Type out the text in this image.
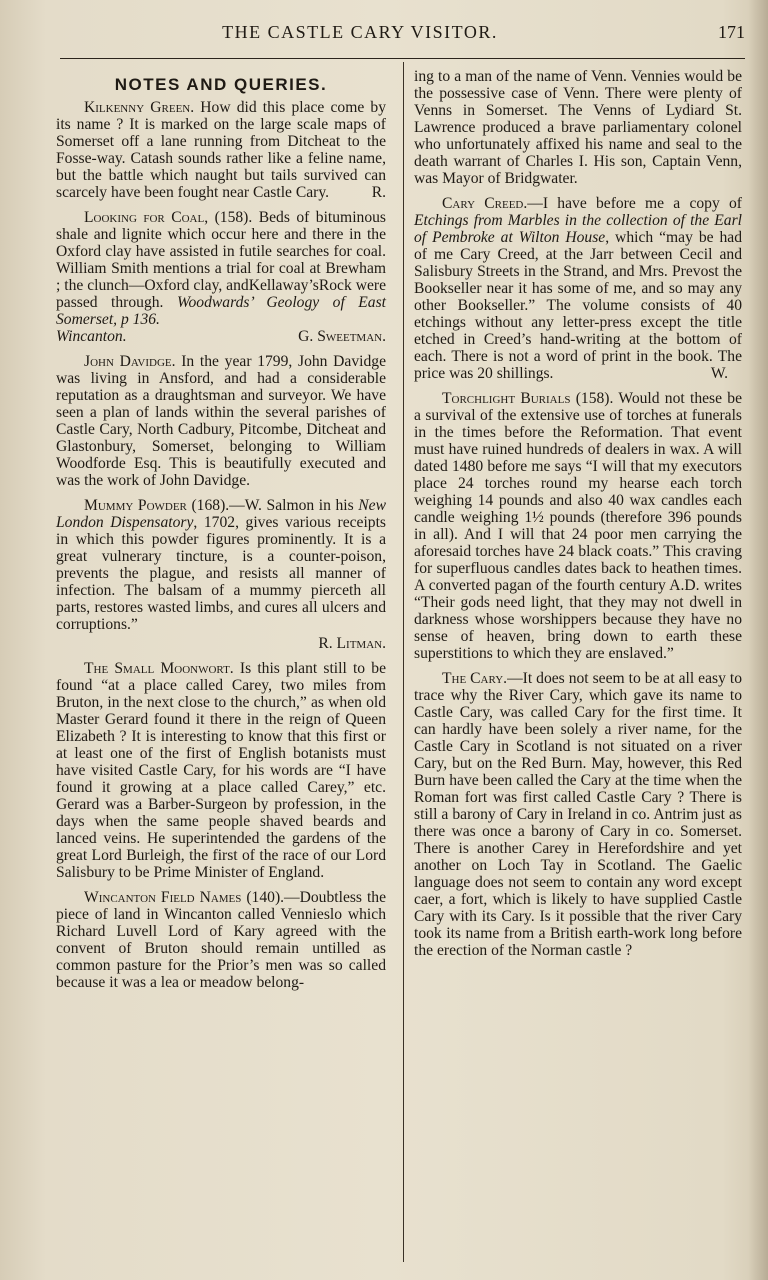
THE CASTLE CARY VISITOR.	171
NOTES AND QUERIES.

Kilkenny Green. How did this place come by its name ? It is marked on the large scale maps of Somerset off a lane running from Ditcheat to the Fosse-way. Catash sounds rather like a feline name, but the battle which naught but tails survived can scarcely have been fought near Castle Cary.	R.

Looking for Coal, (158). Beds of bituminous shale and lignite which occur here and there in the Oxford clay have assisted in futile searches for coal. William Smith mentions a trial for coal at Brewham ; the clunch—Oxford clay, andKellaway’sRock were passed through. Woodwards’ Geology of East Somerset, p 136.

Wincanton.	G. Sweetman.

John Davidge. In the year 1799, John Davidge was living in Ansford, and had a considerable reputation as a draughtsman and surveyor. We have seen a plan of lands within the several parishes of Castle Cary, North Cadbury, Pitcombe, Ditcheat and Glastonbury, Somerset, belonging to William Woodforde Esq. This is beautifully executed and was the work of John Davidge.

Mummy Powder (168).—W. Salmon in his New London Dispensatory, 1702, gives various receipts in which this powder figures prominently. It is a great vulnerary tincture, is a counter-poison, prevents the plague, and resists all manner of infection. The balsam of a mummy pierceth all parts, restores wasted limbs, and cures all ulcers and corruptions.”

R. Litman.

The Small Moonwort. Is this plant still to be found “at a place called Carey, two miles from Bruton, in the next close to the church,” as when old Master Gerard found it there in the reign of Queen Elizabeth ? It is interesting to know that this first or at least one of the first of English botanists must have visited Castle Cary, for his words are “I have found it growing at a place called Carey,” etc. Gerard was a Barber-Surgeon by profession, in the days when the same people shaved beards and lanced veins. He superintended the gardens of the great Lord Burleigh, the first of the race of our Lord Salisbury to be Prime Minister of England.

Wincanton Field Names (140).—Doubtless the piece of land in Wincanton called Vennieslo which Richard Luvell Lord of Kary agreed with the convent of Bruton should remain untilled as common pasture for the Prior’s men was so called because it was a lea or meadow belong-

ing to a man of the name of Venn. Vennies would be the possessive case of Venn. There were plenty of Venns in Somerset. The Venns of Lydiard St. Lawrence produced a brave parliamentary colonel who unfortunately affixed his name and seal to the death warrant of Charles I. His son, Captain Venn, was Mayor of Bridgwater.

Cary Creed.—I have before me a copy of Etchings from Marbles in the collection of the Earl of Pembroke at Wilton House, which “may be had of me Cary Creed, at the Jarr between Cecil and Salisbury Streets in the Strand, and Mrs. Prevost the Bookseller near it has some of me, and so may any other Bookseller.” The volume consists of 40 etchings without any letter-press except the title etched in Creed’s hand-writing at the bottom of each. There is not a word of print in the book. The price was 20 shillings.	W.

Torchlight Burials (158). Would not these be a survival of the extensive use of torches at funerals in the times before the Reformation. That event must have ruined hundreds of dealers in wax. A will dated 1480 before me says “I will that my executors place 24 torches round my hearse each torch weighing 14 pounds and also 40 wax candles each candle weighing 1½ pounds (therefore 396 pounds in all). And I will that 24 poor men carrying the aforesaid torches have 24 black coats.” This craving for superfluous candles dates back to heathen times. A converted pagan of the fourth century A.D. writes “Their gods need light, that they may not dwell in darkness whose worshippers because they have no sense of heaven, bring down to earth these superstitions to which they are enslaved.”

The Cary.—It does not seem to be at all easy to trace why the River Cary, which gave its name to Castle Cary, was called Cary for the first time. It can hardly have been solely a river name, for the Castle Cary in Scotland is not situated on a river Cary, but on the Red Burn. May, however, this Red Burn have been called the Cary at the time when the Roman fort was first called Castle Cary ? There is still a barony of Cary in Ireland in co. Antrim just as there was once a barony of Cary in co. Somerset. There is another Carey in Herefordshire and yet another on Loch Tay in Scotland. The Gaelic language does not seem to contain any word except caer, a fort, which is likely to have supplied Castle Cary with its Cary. Is it possible that the river Cary took its name from a British earth-work long before the erection of the Norman castle ?
